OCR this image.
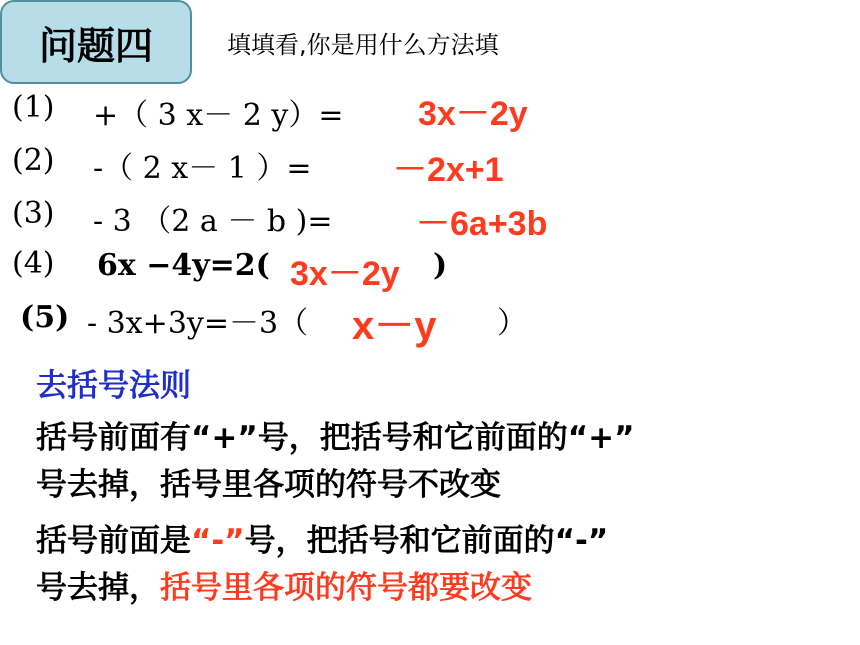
问题四	填填看,你是用什么方法填
(1) +（ 3 x－ 2 y）= 3x－2y
(2) -（ 2 x－ 1 ）= －2x+1
(3) - 3 （2 a － b )= －6a+3b
(4) 6x −4y=2( 3x－2y )
(5) - 3x+3y=－3（ x－y ）
去括号法则
括号前面有“+”号，把括号和它前面的“+”
号去掉，括号里各项的符号不改变
括号前面是“-”号，把括号和它前面的“-”
号去掉，括号里各项的符号都要改变
